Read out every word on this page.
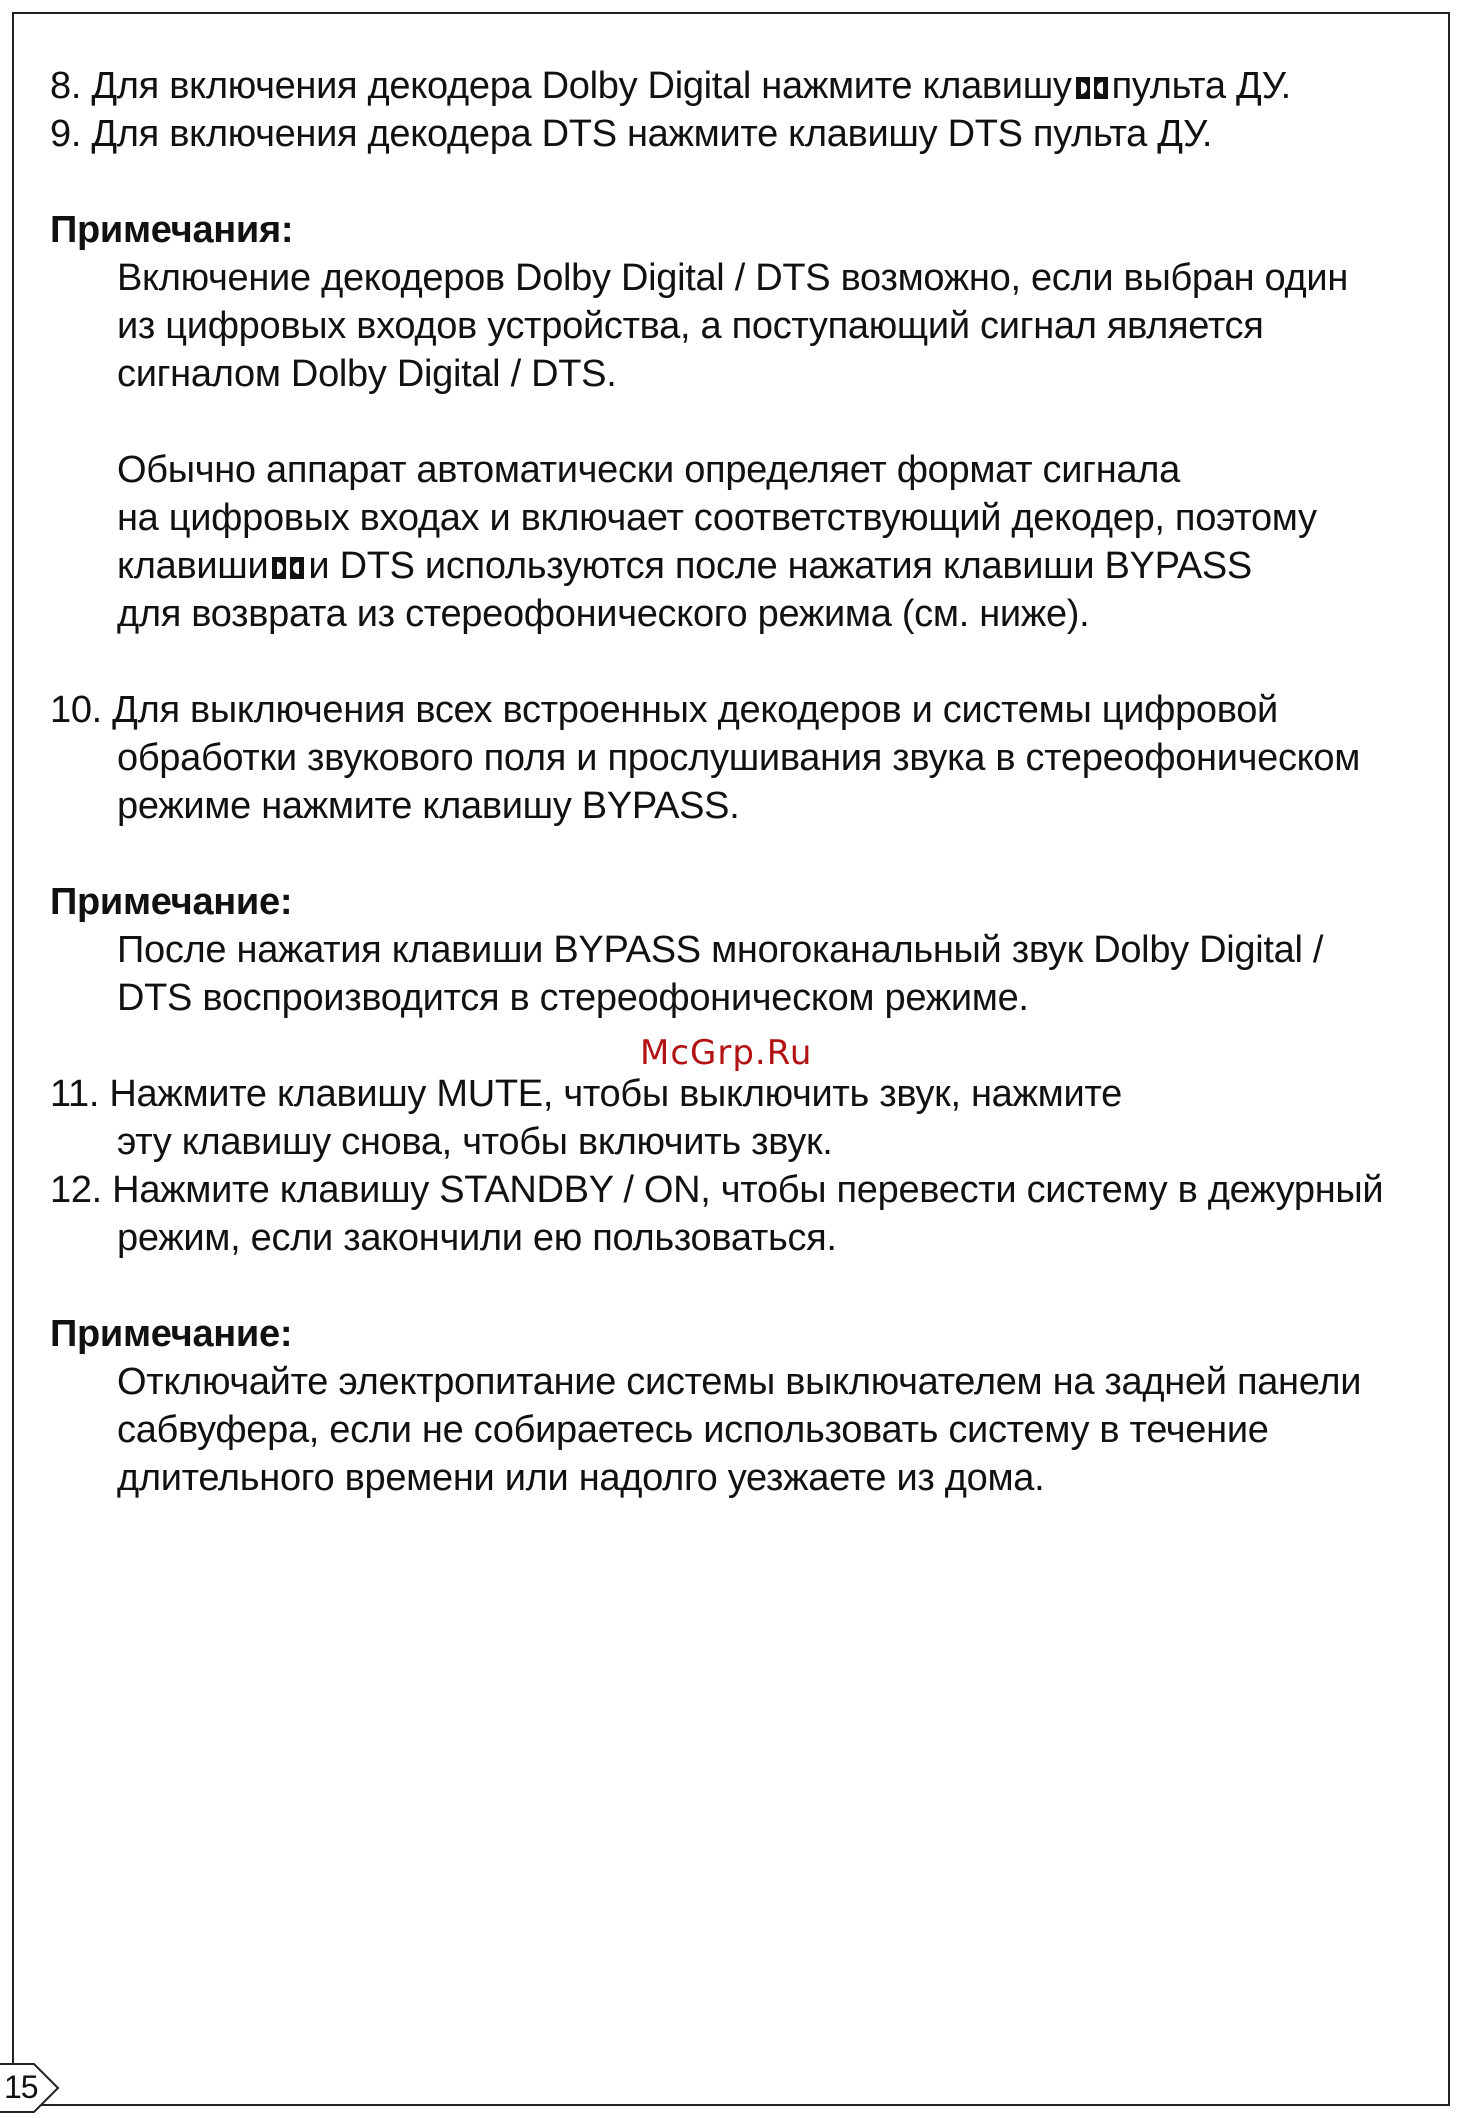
8. Для включения декодера Dolby Digital нажмите клавишу пульта ДУ.
9. Для включения декодера DTS нажмите клавишу DTS пульта ДУ.
Примечания:
Включение декодеров Dolby Digital / DTS возможно, если выбран один
из цифровых входов устройства, а поступающий сигнал является
сигналом Dolby Digital / DTS.
Обычно аппарат автоматически определяет формат сигнала
на цифровых входах и включает соответствующий декодер, поэтому
клавиши и DTS используются после нажатия клавиши BYPASS
для возврата из стереофонического режима (см. ниже).
10. Для выключения всех встроенных декодеров и системы цифровой
обработки звукового поля и прослушивания звука в стереофоническом
режиме нажмите клавишу BYPASS.
Примечание:
После нажатия клавиши BYPASS многоканальный звук Dolby Digital /
DTS воспроизводится в стереофоническом режиме.
11. Нажмите клавишу MUTE, чтобы выключить звук, нажмите
эту клавишу снова, чтобы включить звук.
12. Нажмите клавишу STANDBY / ON, чтобы перевести систему в дежурный
режим, если закончили ею пользоваться.
Примечание:
Отключайте электропитание системы выключателем на задней панели
сабвуфера, если не собираетесь использовать систему в течение
длительного времени или надолго уезжаете из дома.
McGrp.Ru
15
